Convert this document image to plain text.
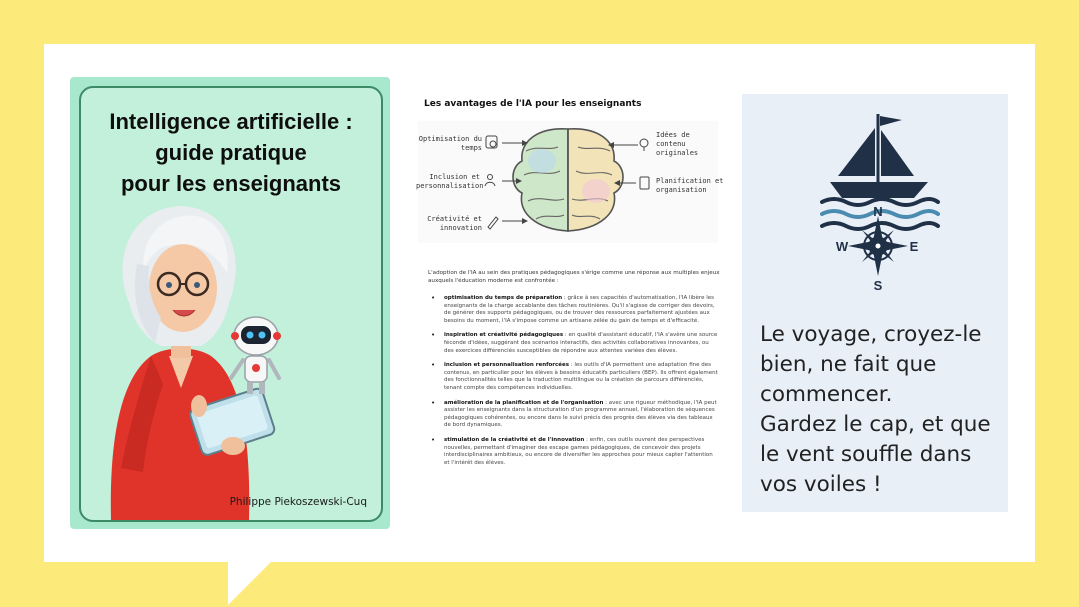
Intelligence artificielle :
guide pratique
pour les enseignants
Philippe Piekoszewski-Cuq
Les avantages de l'IA pour les enseignants
Optimisation du
temps
Inclusion et
personnalisation
Créativité et
innovation
Idées de
contenu
originales
Planification et
organisation
L'adoption de l'IA au sein des pratiques pédagogiques s'érige comme une réponse aux multiples enjeux auxquels l'éducation moderne est confrontée :
• optimisation du temps de préparation : grâce à ses capacités d'automatisation, l'IA libère les enseignants de la charge accablante des tâches routinières. Qu'il s'agisse de corriger des devoirs, de générer des supports pédagogiques, ou de trouver des ressources parfaitement ajustées aux besoins du moment, l'IA s'impose comme un artisane zélée du gain de temps et d'efficacité.
• inspiration et créativité pédagogiques : en qualité d'assistant éducatif, l'IA s'avère une source féconde d'idées, suggérant des scénarios interactifs, des activités collaboratives innovantes, ou des exercices différenciés susceptibles de répondre aux attentes variées des élèves.
• inclusion et personnalisation renforcées : les outils d'IA permettent une adaptation fine des contenus, en particulier pour les élèves à besoins éducatifs particuliers (BEP). Ils offrent également des fonctionnalités telles que la traduction multilingue ou la création de parcours différenciés, tenant compte des compétences individuelles.
• amélioration de la planification et de l'organisation : avec une rigueur méthodique, l'IA peut assister les enseignants dans la structuration d'un programme annuel, l'élaboration de séquences pédagogiques cohérentes, ou encore dans le suivi précis des progrès des élèves via des tableaux de bord dynamiques.
• stimulation de la créativité et de l'innovation : enfin, ces outils ouvrent des perspectives nouvelles, permettant d'imaginer des escape games pédagogiques, de concevoir des projets interdisciplinaires ambitieux, ou encore de diversifier les approches pour mieux capter l'attention et l'intérêt des élèves.
N
W	E
S
Le voyage, croyez-le
bien, ne fait que
commencer.
Gardez le cap, et que
le vent souffle dans
vos voiles !
